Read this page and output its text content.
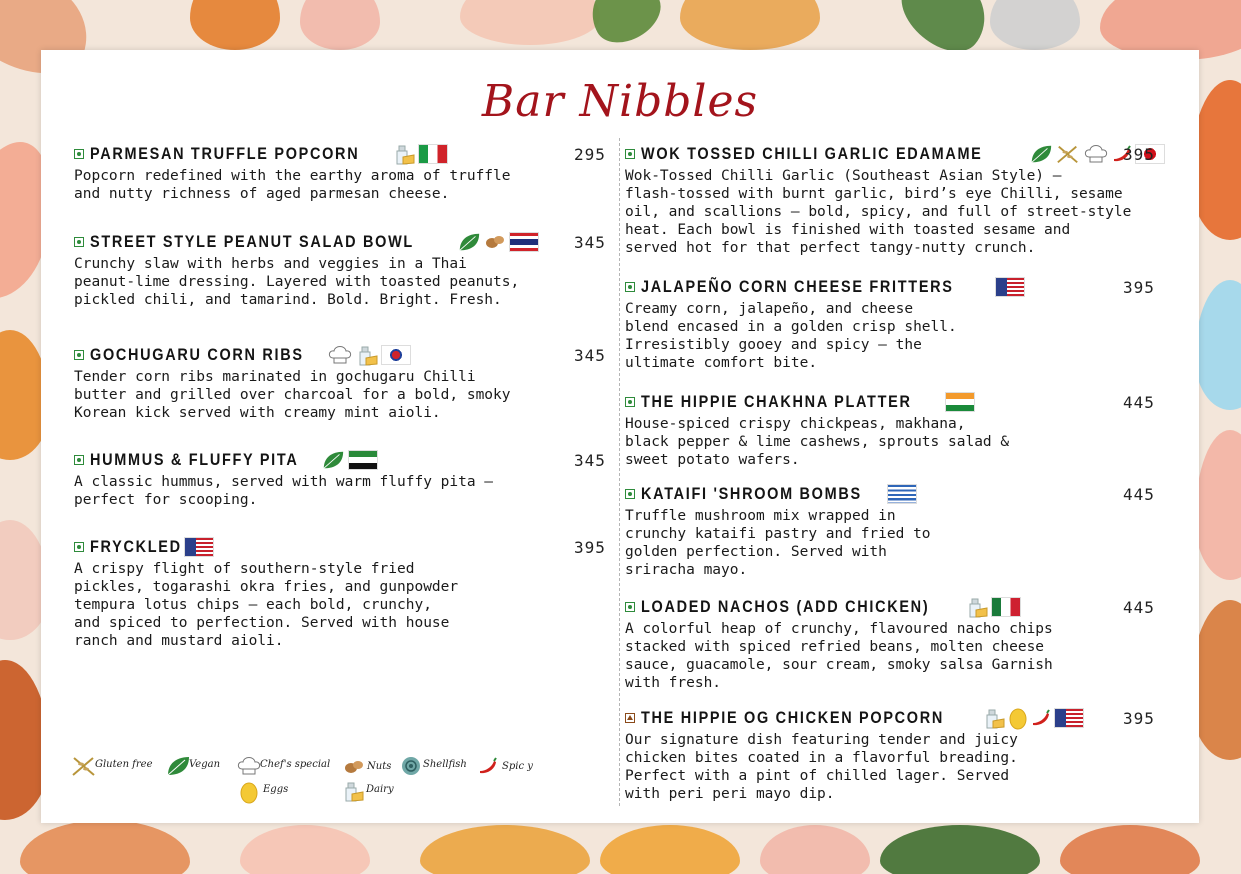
Bar Nibbles
PARMESAN TRUFFLE POPCORN	295
Popcorn redefined with the earthy aroma of truffle
and nutty richness of aged parmesan cheese.
STREET STYLE PEANUT SALAD BOWL	345
Crunchy slaw with herbs and veggies in a Thai
peanut-lime dressing. Layered with toasted peanuts,
pickled chili, and tamarind. Bold. Bright. Fresh.
GOCHUGARU CORN RIBS	345
Tender corn ribs marinated in gochugaru Chilli
butter and grilled over charcoal for a bold, smoky
Korean kick served with creamy mint aioli.
HUMMUS & FLUFFY PITA	345
A classic hummus, served with warm fluffy pita —
perfect for scooping.
FRYCKLED	395
A crispy flight of southern-style fried
pickles, togarashi okra fries, and gunpowder
tempura lotus chips — each bold, crunchy,
and spiced to perfection. Served with house
ranch and mustard aioli.
WOK TOSSED CHILLI GARLIC EDAMAME	395
Wok-Tossed Chilli Garlic (Southeast Asian Style) –
flash-tossed with burnt garlic, bird’s eye Chilli, sesame
oil, and scallions — bold, spicy, and full of street-style
heat. Each bowl is finished with toasted sesame and
served hot for that perfect tangy-nutty crunch.
JALAPEÑO CORN CHEESE FRITTERS	395
Creamy corn, jalapeño, and cheese
blend encased in a golden crisp shell.
Irresistibly gooey and spicy — the
ultimate comfort bite.
THE HIPPIE CHAKHNA PLATTER	445
House-spiced crispy chickpeas, makhana,
black pepper & lime cashews, sprouts salad &
sweet potato wafers.
KATAIFI 'SHROOM BOMBS	445
Truffle mushroom mix wrapped in
crunchy kataifi pastry and fried to
golden perfection. Served with
sriracha mayo.
LOADED NACHOS (ADD CHICKEN)	445
A colorful heap of crunchy, flavoured nacho chips
stacked with spiced refried beans, molten cheese
sauce, guacamole, sour cream, smoky salsa Garnish
with fresh.
THE HIPPIE OG CHICKEN POPCORN	395
Our signature dish featuring tender and juicy
chicken bites coated in a flavorful breading.
Perfect with a pint of chilled lager. Served
with peri peri mayo dip.
Gluten free	Vegan	Chef's special	Nuts	Shellfish	Spic y
Eggs	Dairy
